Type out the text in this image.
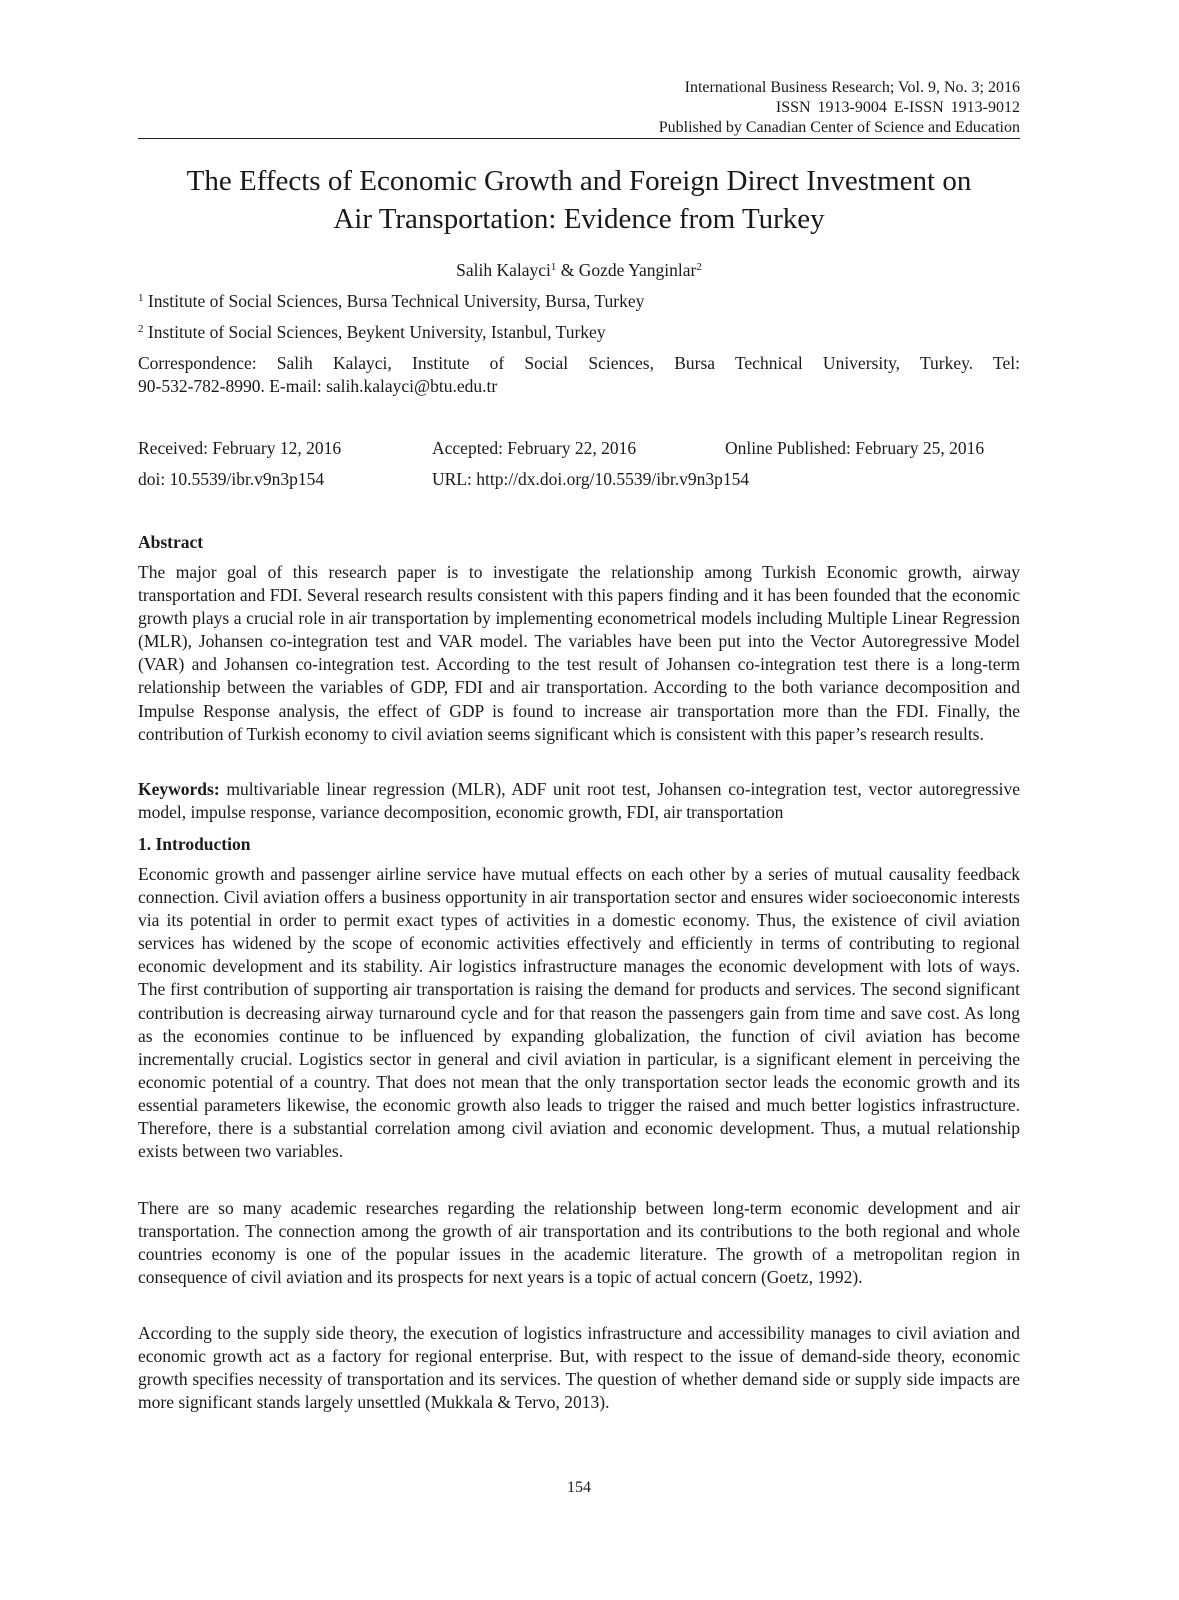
International Business Research; Vol. 9, No. 3; 2016
ISSN 1913-9004 E-ISSN 1913-9012
Published by Canadian Center of Science and Education
The Effects of Economic Growth and Foreign Direct Investment on
Air Transportation: Evidence from Turkey
Salih Kalayci$^1$ & Gozde Yanginlar$^2$
$^1$ Institute of Social Sciences, Bursa Technical University, Bursa, Turkey
$^2$ Institute of Social Sciences, Beykent University, Istanbul, Turkey
Correspondence: Salih Kalayci, Institute of Social Sciences, Bursa Technical University, Turkey. Tel:
90-532-782-8990. E-mail: salih.kalayci@btu.edu.tr
Received: February 12, 2016	Accepted: February 22, 2016	Online Published: February 25, 2016
doi: 10.5539/ibr.v9n3p154	URL: http://dx.doi.org/10.5539/ibr.v9n3p154
Abstract

The major goal of this research paper is to investigate the relationship among Turkish Economic growth, airway transportation and FDI. Several research results consistent with this papers finding and it has been founded that the economic growth plays a crucial role in air transportation by implementing econometrical models including Multiple Linear Regression (MLR), Johansen co-integration test and VAR model. The variables have been put into the Vector Autoregressive Model (VAR) and Johansen co-integration test. According to the test result of Johansen co-integration test there is a long-term relationship between the variables of GDP, FDI and air transportation. According to the both variance decomposition and Impulse Response analysis, the effect of GDP is found to increase air transportation more than the FDI. Finally, the contribution of Turkish economy to civil aviation seems significant which is consistent with this paper’s research results.

Keywords: multivariable linear regression (MLR), ADF unit root test, Johansen co-integration test, vector autoregressive model, impulse response, variance decomposition, economic growth, FDI, air transportation

1. Introduction

Economic growth and passenger airline service have mutual effects on each other by a series of mutual causality feedback connection. Civil aviation offers a business opportunity in air transportation sector and ensures wider socioeconomic interests via its potential in order to permit exact types of activities in a domestic economy. Thus, the existence of civil aviation services has widened by the scope of economic activities effectively and efficiently in terms of contributing to regional economic development and its stability. Air logistics infrastructure manages the economic development with lots of ways. The first contribution of supporting air transportation is raising the demand for products and services. The second significant contribution is decreasing airway turnaround cycle and for that reason the passengers gain from time and save cost. As long as the economies continue to be influenced by expanding globalization, the function of civil aviation has become incrementally crucial. Logistics sector in general and civil aviation in particular, is a significant element in perceiving the economic potential of a country. That does not mean that the only transportation sector leads the economic growth and its essential parameters likewise, the economic growth also leads to trigger the raised and much better logistics infrastructure. Therefore, there is a substantial correlation among civil aviation and economic development. Thus, a mutual relationship exists between two variables.

There are so many academic researches regarding the relationship between long-term economic development and air transportation. The connection among the growth of air transportation and its contributions to the both regional and whole countries economy is one of the popular issues in the academic literature. The growth of a metropolitan region in consequence of civil aviation and its prospects for next years is a topic of actual concern (Goetz, 1992).

According to the supply side theory, the execution of logistics infrastructure and accessibility manages to civil aviation and economic growth act as a factory for regional enterprise. But, with respect to the issue of demand-side theory, economic growth specifies necessity of transportation and its services. The question of whether demand side or supply side impacts are more significant stands largely unsettled (Mukkala & Tervo, 2013).

154
